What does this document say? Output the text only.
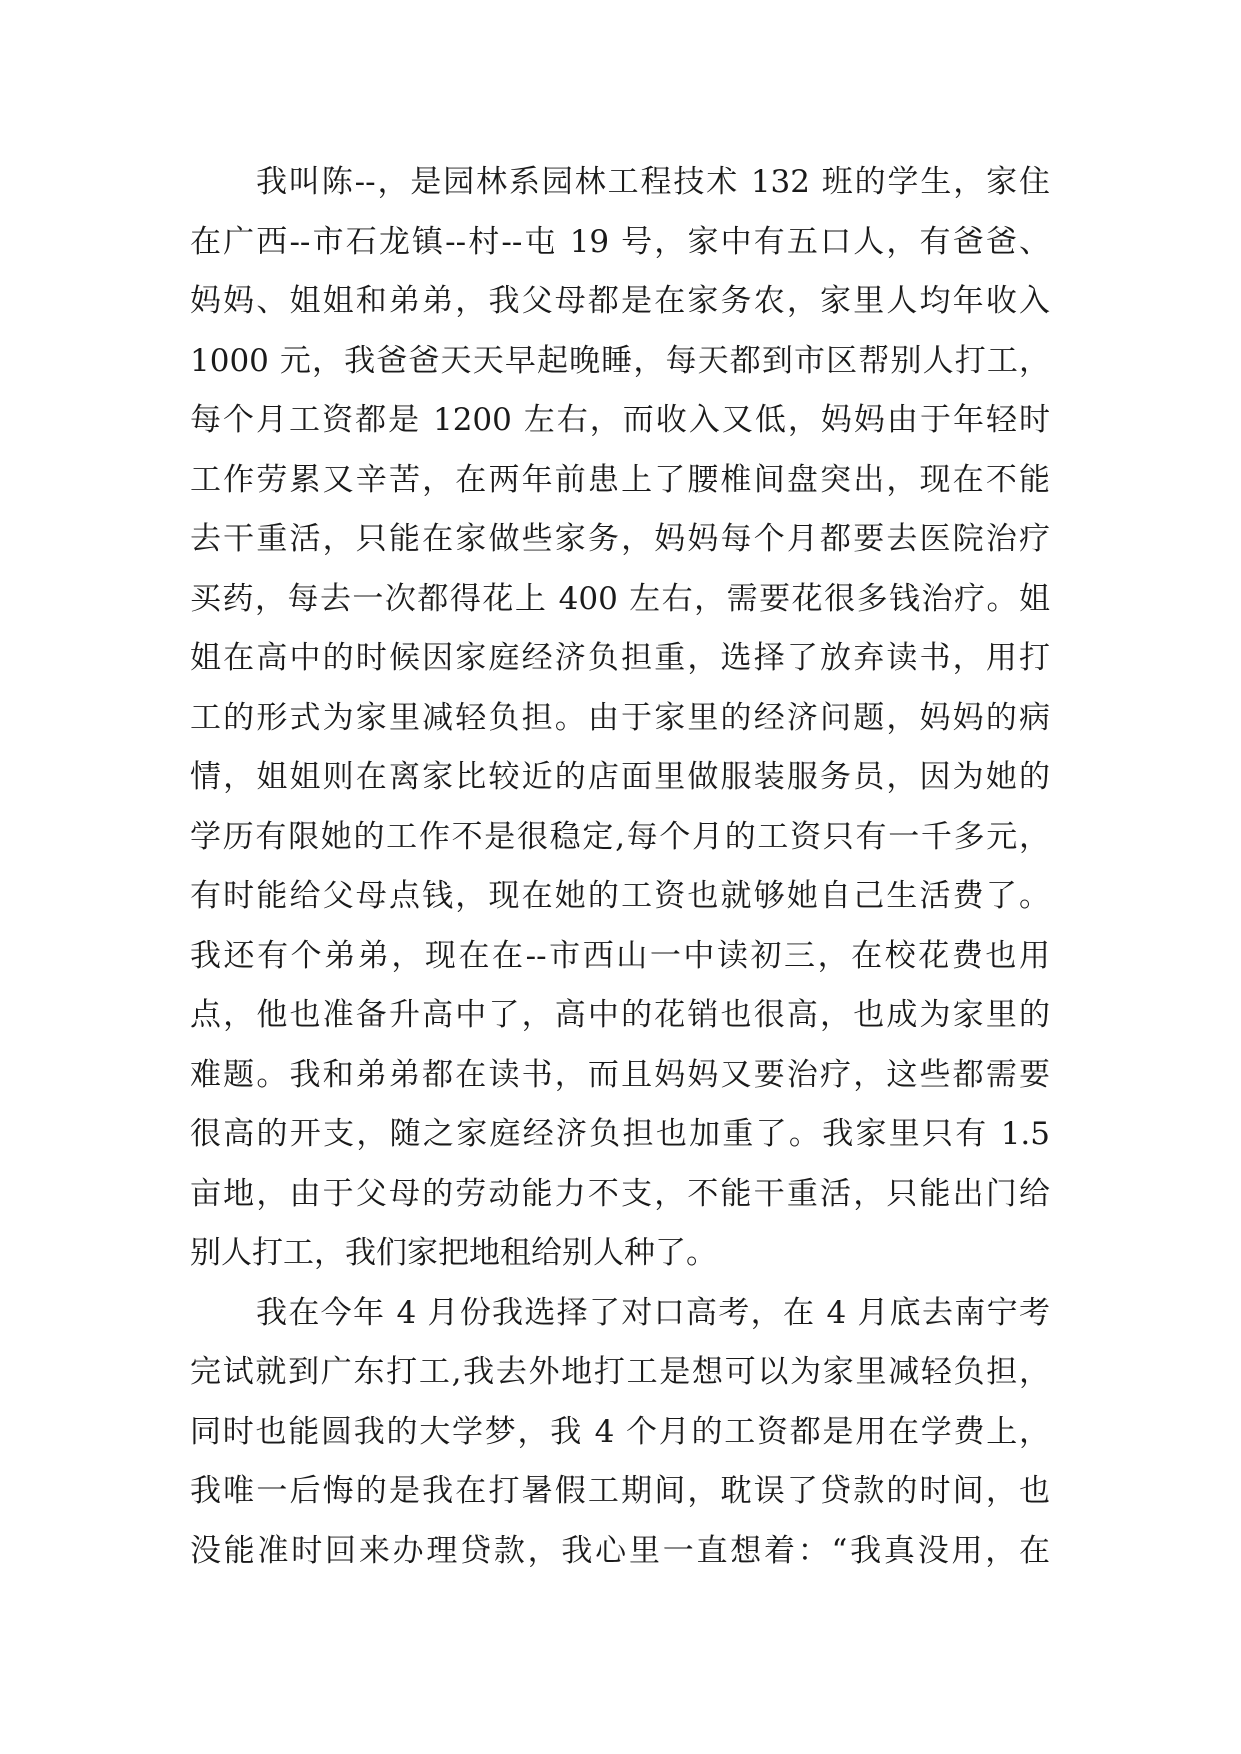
我叫陈--，是园林系园林工程技术 132 班的学生，家住
在广西--市石龙镇--村--屯 19 号，家中有五口人，有爸爸、
妈妈、姐姐和弟弟，我父母都是在家务农，家里人均年收入
1000 元，我爸爸天天早起晚睡，每天都到市区帮别人打工，
每个月工资都是 1200 左右，而收入又低，妈妈由于年轻时
工作劳累又辛苦，在两年前患上了腰椎间盘突出，现在不能
去干重活，只能在家做些家务，妈妈每个月都要去医院治疗
买药，每去一次都得花上 400 左右，需要花很多钱治疗。姐
姐在高中的时候因家庭经济负担重，选择了放弃读书，用打
工的形式为家里减轻负担。由于家里的经济问题，妈妈的病
情，姐姐则在离家比较近的店面里做服装服务员，因为她的
学历有限她的工作不是很稳定,每个月的工资只有一千多元，
有时能给父母点钱，现在她的工资也就够她自己生活费了。
我还有个弟弟，现在在--市西山一中读初三，在校花费也用
点，他也准备升高中了，高中的花销也很高，也成为家里的
难题。我和弟弟都在读书，而且妈妈又要治疗，这些都需要
很高的开支，随之家庭经济负担也加重了。我家里只有 1.5
亩地，由于父母的劳动能力不支，不能干重活，只能出门给
别人打工，我们家把地租给别人种了。
我在今年 4 月份我选择了对口高考，在 4 月底去南宁考
完试就到广东打工,我去外地打工是想可以为家里减轻负担，
同时也能圆我的大学梦，我 4 个月的工资都是用在学费上，
我唯一后悔的是我在打暑假工期间，耽误了贷款的时间，也
没能准时回来办理贷款，我心里一直想着：“我真没用，在
